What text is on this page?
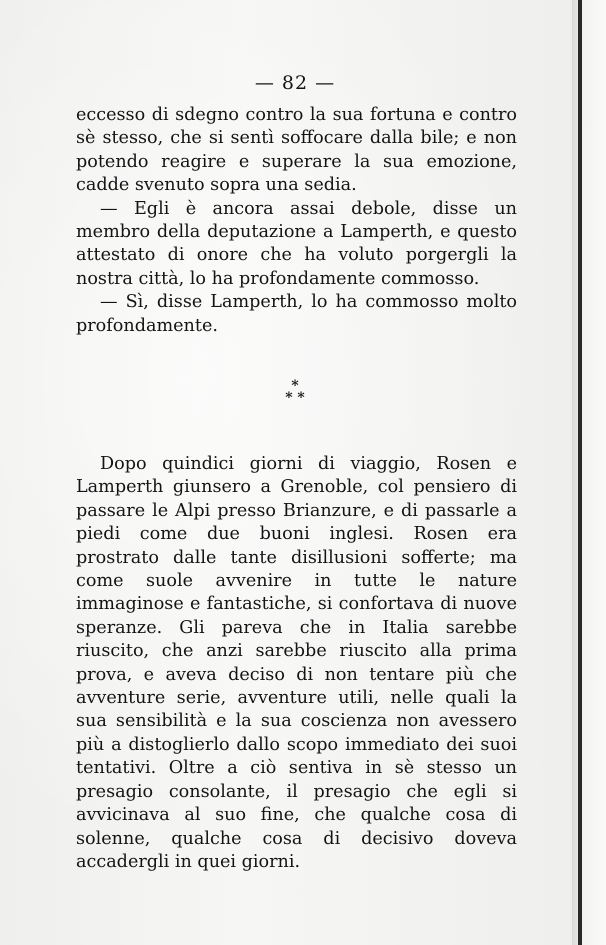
— 82 —

eccesso di sdegno contro la sua fortuna e contro sè stesso, che si sentì soffocare dalla bile; e non potendo reagire e superare la sua emozione, cadde svenuto sopra una sedia.

— Egli è ancora assai debole, disse un membro della deputazione a Lamperth, e questo attestato di onore che ha voluto porgergli la nostra città, lo ha profondamente commosso.

— Sì, disse Lamperth, lo ha commosso molto profondamente.

*
* *

Dopo quindici giorni di viaggio, Rosen e Lamperth giunsero a Grenoble, col pensiero di passare le Alpi presso Brianzure, e di passarle a piedi come due buoni inglesi. Rosen era prostrato dalle tante disillusioni sofferte; ma come suole avvenire in tutte le nature immaginose e fantastiche, si confortava di nuove speranze. Gli pareva che in Italia sarebbe riuscito, che anzi sarebbe riuscito alla prima prova, e aveva deciso di non tentare più che avventure serie, avventure utili, nelle quali la sua sensibilità e la sua coscienza non avessero più a distoglierlo dallo scopo immediato dei suoi tentativi. Oltre a ciò sentiva in sè stesso un presagio consolante, il presagio che egli si avvicinava al suo fine, che qualche cosa di solenne, qualche cosa di decisivo doveva accadergli in quei giorni.
